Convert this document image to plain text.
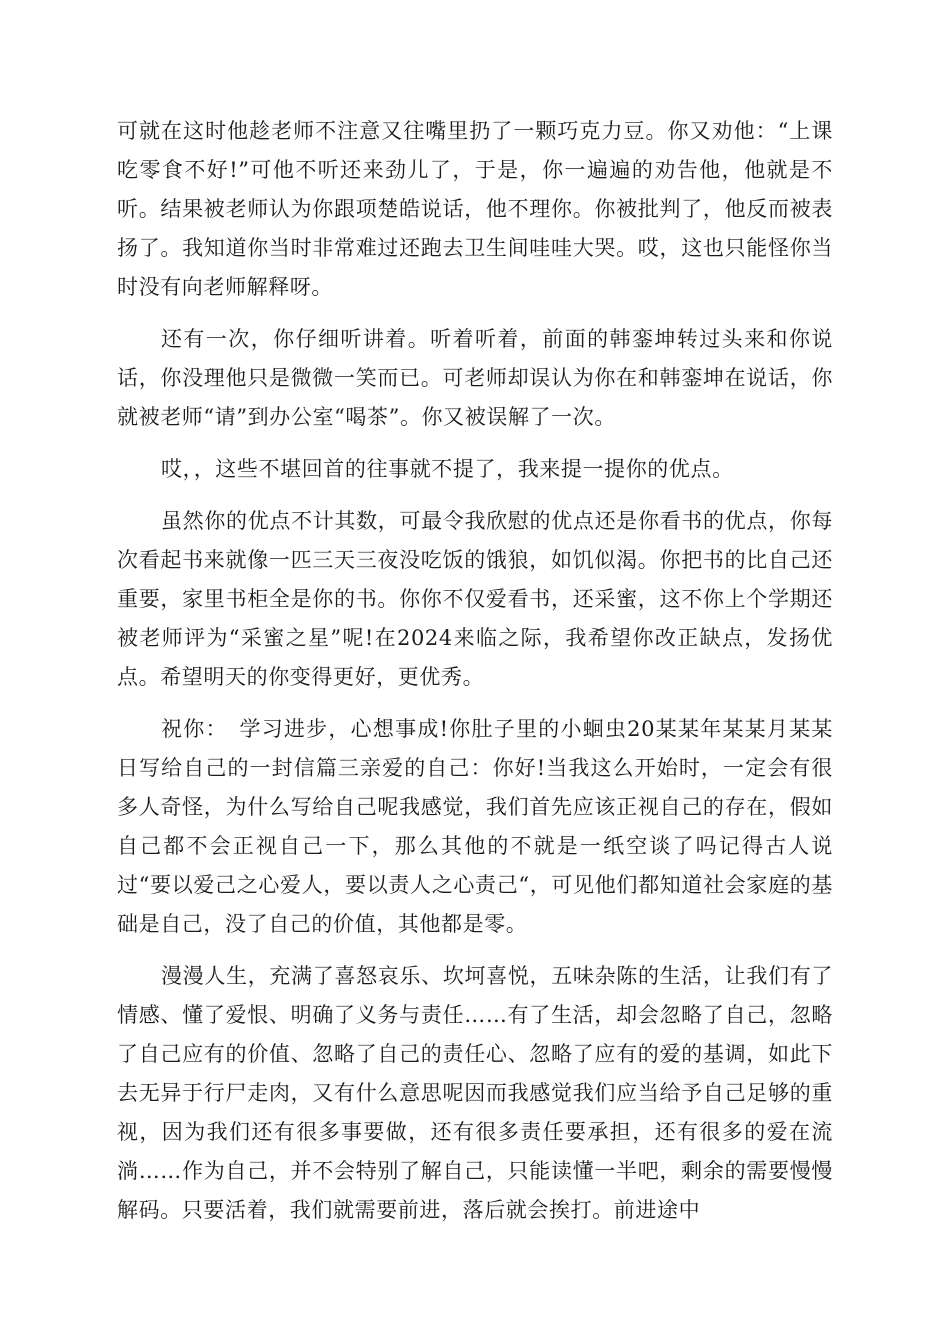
可就在这时他趁老师不注意又往嘴里扔了一颗巧克力豆。你又劝他：“上课吃零食不好!”可他不听还来劲儿了，于是，你一遍遍的劝告他，他就是不听。结果被老师认为你跟项楚皓说话，他不理你。你被批判了，他反而被表扬了。我知道你当时非常难过还跑去卫生间哇哇大哭。哎，这也只能怪你当时没有向老师解释呀。

还有一次，你仔细听讲着。听着听着，前面的韩銮坤转过头来和你说话，你没理他只是微微一笑而已。可老师却误认为你在和韩銮坤在说话，你就被老师“请”到办公室“喝茶”。你又被误解了一次。

哎，，这些不堪回首的往事就不提了，我来提一提你的优点。

虽然你的优点不计其数，可最令我欣慰的优点还是你看书的优点，你每次看起书来就像一匹三天三夜没吃饭的饿狼，如饥似渴。你把书的比自己还重要，家里书柜全是你的书。你你不仅爱看书，还采蜜，这不你上个学期还被老师评为“采蜜之星”呢!在2024来临之际，我希望你改正缺点，发扬优点。希望明天的你变得更好，更优秀。

祝你：　学习进步，心想事成!你肚子里的小蛔虫20某某年某某月某某日写给自己的一封信篇三亲爱的自己：你好!当我这么开始时，一定会有很多人奇怪，为什么写给自己呢我感觉，我们首先应该正视自己的存在，假如自己都不会正视自己一下，那么其他的不就是一纸空谈了吗记得古人说过“要以爱己之心爱人，要以责人之心责己“，可见他们都知道社会家庭的基础是自己，没了自己的价值，其他都是零。

漫漫人生，充满了喜怒哀乐、坎坷喜悦，五味杂陈的生活，让我们有了情感、懂了爱恨、明确了义务与责任……有了生活，却会忽略了自己，忽略了自己应有的价值、忽略了自己的责任心、忽略了应有的爱的基调，如此下去无异于行尸走肉，又有什么意思呢因而我感觉我们应当给予自己足够的重视，因为我们还有很多事要做，还有很多责任要承担，还有很多的爱在流淌……作为自己，并不会特别了解自己，只能读懂一半吧，剩余的需要慢慢解码。只要活着，我们就需要前进，落后就会挨打。前进途中
